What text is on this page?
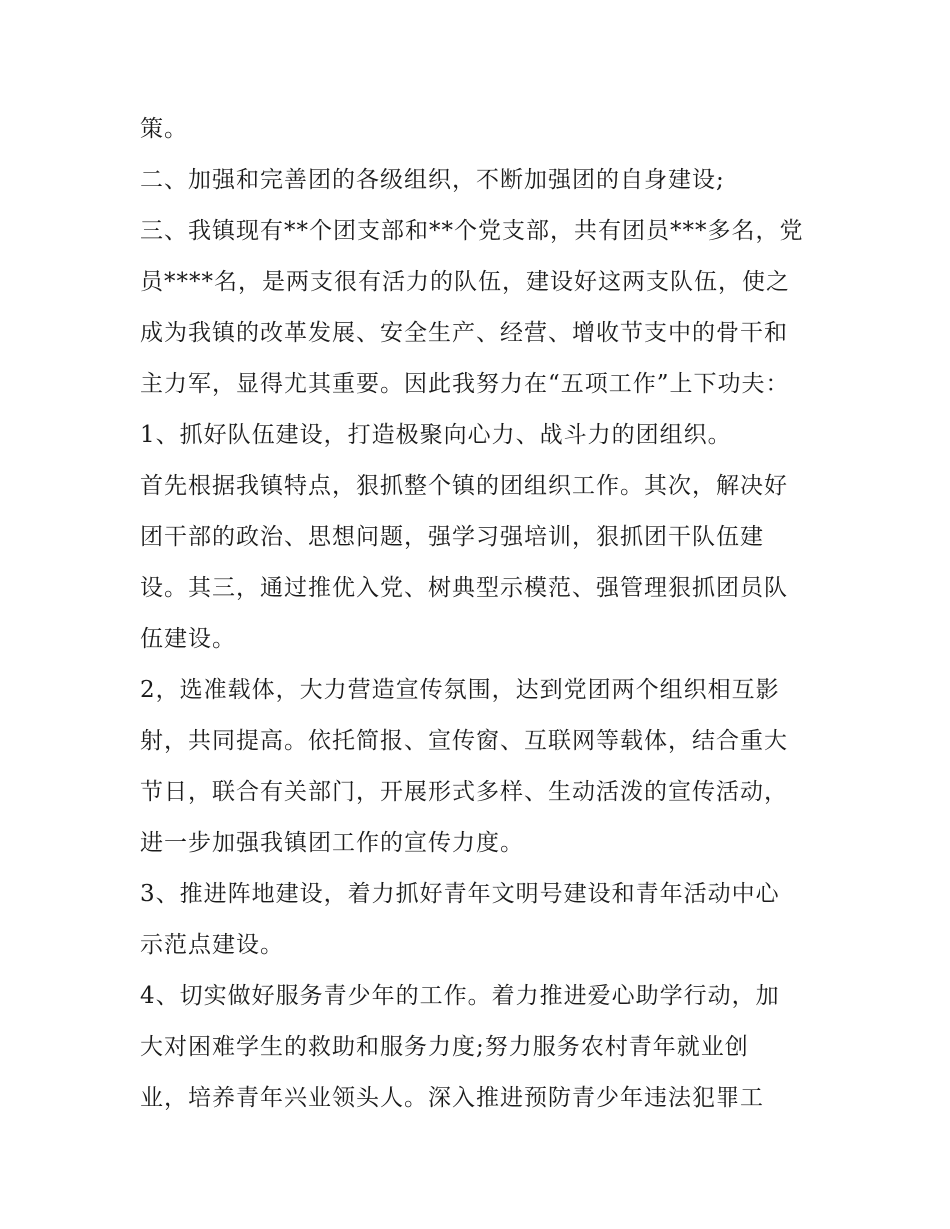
策。
二、加强和完善团的各级组织，不断加强团的自身建设;
三、我镇现有**个团支部和**个党支部，共有团员***多名，党
员****名，是两支很有活力的队伍，建设好这两支队伍，使之
成为我镇的改革发展、安全生产、经营、增收节支中的骨干和
主力军，显得尤其重要。因此我努力在“五项工作”上下功夫：
1、抓好队伍建设，打造极聚向心力、战斗力的团组织。
首先根据我镇特点，狠抓整个镇的团组织工作。其次，解决好
团干部的政治、思想问题，强学习强培训，狠抓团干队伍建
设。其三，通过推优入党、树典型示模范、强管理狠抓团员队
伍建设。
2，选准载体，大力营造宣传氛围，达到党团两个组织相互影
射，共同提高。依托简报、宣传窗、互联网等载体，结合重大
节日，联合有关部门，开展形式多样、生动活泼的宣传活动，
进一步加强我镇团工作的宣传力度。
3、推进阵地建设，着力抓好青年文明号建设和青年活动中心
示范点建设。
4、切实做好服务青少年的工作。着力推进爱心助学行动，加
大对困难学生的救助和服务力度;努力服务农村青年就业创
业，培养青年兴业领头人。深入推进预防青少年违法犯罪工
